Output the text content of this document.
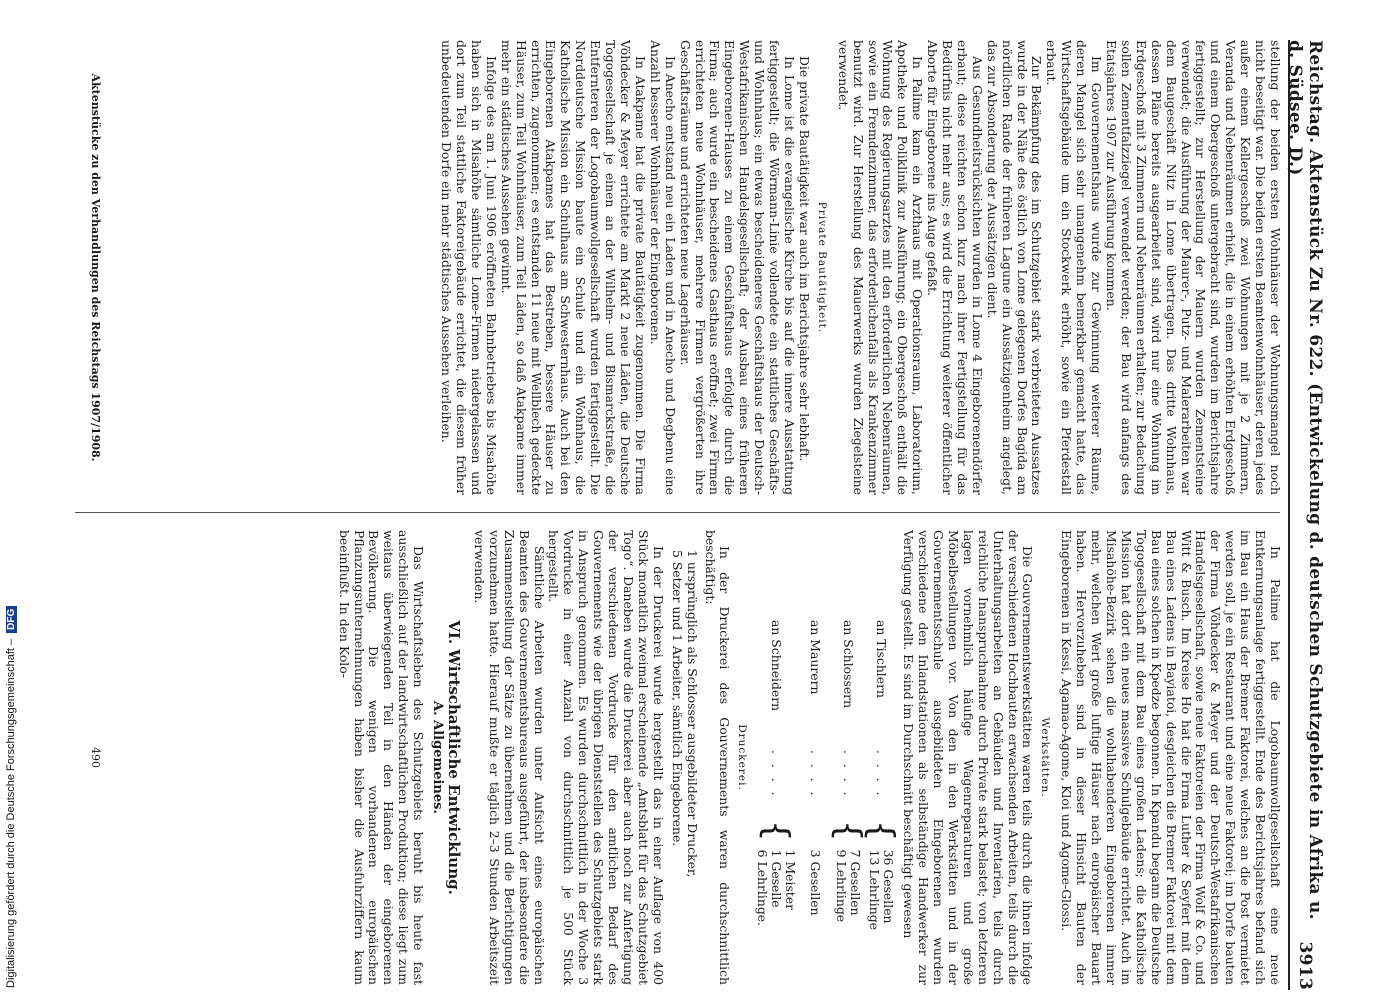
Reichstag. Aktenstück Zu Nr. 622. (Entwickelung d. deutschen Schutzgebiete in Afrika u. d. Südsee. D.)
3913

stellung der beiden ersten Wohnhäuser der Wohnungsmangel noch nicht beseitigt war. Die beiden ersten Beamtenwohnhäuser, deren jedes außer einem Kellergeschoß zwei Wohnungen mit je 2 Zimmern, Veranda und Nebenräumen erhielt, die in einem erhöhten Erdgeschoß und einem Obergeschoß untergebracht sind, wurden im Berichtsjahre fertiggestellt; zur Herstellung der Mauern wurden Zementsteine verwendet; die Ausführung der Maurer-, Putz- und Malerarbeiten war dem Baugeschäft Nitz in Lome übertragen. Das dritte Wohnhaus, dessen Pläne bereits ausgearbeitet sind, wird nur eine Wohnung im Erdgeschoß mit 3 Zimmern und Nebenräumen erhalten; zur Bedachung sollen Zementfalzziegel verwendet werden; der Bau wird anfangs des Etatsjahres 1907 zur Ausführung kommen.

Im Gouvernementshaus wurde zur Gewinnung weiterer Räume, deren Mangel sich sehr unangenehm bemerkbar gemacht hatte, das Wirtschaftsgebäude um ein Stockwerk erhöht, sowie ein Pferdestall erbaut.

Zur Bekämpfung des im Schutzgebiet stark verbreiteten Aussatzes wurde in der Nähe des östlich von Lome gelegenen Dorfes Bagida am nördlichen Rande der früheren Lagune ein Aussätzigenheim angelegt, das zur Absonderung der Aussätzigen dient.

Aus Gesundheitsrücksichten wurden in Lome 4 Eingeborenendörfer erbaut; diese reichten schon kurz nach ihrer Fertigstellung für das Bedürfnis nicht mehr aus; es wird die Errichtung weiterer öffentlicher Aborte für Eingeborene ins Auge gefaßt.

In Palime kam ein Arzthaus mit Operationsraum, Laboratorium, Apotheke und Poliklinik zur Ausführung; ein Obergeschoß enthält die Wohnung des Regierungsarztes mit den erforderlichen Nebenräumen, sowie ein Fremdenzimmer, das erforderlichenfalls als Krankenzimmer benutzt wird. Zur Herstellung des Mauerwerks wurden Ziegelsteine verwendet.

Private Bautätigkeit.

Die private Bautätigkeit war auch im Berichtsjahre sehr lebhaft.

In Lome ist die evangelische Kirche bis auf die innere Ausstattung fertiggestellt; die Wörmann-Linie vollendete ein stattliches Geschäfts- und Wohnhaus; ein etwas bescheideneres Geschäftshaus der Deutsch-Westafrikanischen Handelsgesellschaft; der Ausbau eines früheren Eingeborenen-Hauses zu einem Geschäftshaus erfolgte durch die Firma; auch wurde ein bescheidenes Gasthaus eröffnet; zwei Firmen errichteten neue Wohnhäuser, mehrere Firmen vergrößerten ihre Geschäftsräume und errichteten neue Lagerhäuser.

In Anecho entstand neu ein Laden und in Anecho und Degbenu eine Anzahl besserer Wohnhäuser der Eingeborenen.

In Atakpame hat die private Bautätigkeit zugenommen. Die Firma Vöhdecker & Meyer errichtete am Markt 2 neue Läden, die Deutsche Togogesellschaft je einen an der Wilhelm- und Bismarckstraße, die Entfernteren der Logobaumwollgesellschaft wurden fertiggestellt. Die Norddeutsche Mission baute ein Schule und ein Wohnhaus, die Katholische Mission ein Schulhaus am Schwesternhaus. Auch bei den Eingeborenen Atakpames hat das Bestreben, bessere Häuser zu errichten, zugenommen; es entstanden 11 neue mit Wellblech gedeckte Häuser, zum Teil Wohnhäuser, zum Teil Läden, so daß Atakpame immer mehr ein städtisches Aussehen gewinnt.

Infolge des am 1. Juni 1906 eröffneten Bahnbetriebes bis Misahöhe haben sich in Misahöhe sämtliche Lome-Firmen niedergelassen und dort zum Teil stattliche Faktoreigebäude errichtet, die diesem früher unbedeutenden Dorfe ein mehr städtisches Aussehen verleihen.

In Palime hat die Logobaumwollgesellschaft eine neue Entkernungsanlage fertiggestellt. Ende des Berichtsjahres befand sich im Bau ein Haus der Bremer Faktorei, welches an die Post vermietet werden soll, je ein Restaurant und eine neue Faktorei; im Dorfe bauten der Firma Vöhdecker & Meyer und der Deutsch-Westafrikanischen Handelsgesellschaft, sowie neue Faktoreien der Firma Wolf & Co. und Witt & Busch. Im Kreise Ho hat die Firma Luther & Seyfert mit dem Bau eines Ladens in Bayiatoi, desgleichen die Bremer Faktorei mit dem Bau eines solchen in Kpedze begonnen. In Kpandu begann die Deutsche Togogesellschaft mit dem Bau eines großen Ladens; die Katholische Mission hat dort ein neues massives Schulgebäude errichtet. Auch im Misahöhe-Bezirk sehen die wohlhabenderen Eingeborenen immer mehr, welchen Wert große luftige Häuser nach europäischer Bauart haben. Hervorzuheben sind in dieser Hinsicht Bauten der Eingeborenen in Kessi, Agamao-Agome, Kloi und Agome-Glossi.

Werkstätten.

Die Gouvernementswerkstätten waren teils durch die ihnen infolge der verschiedenen Hochbauten erwachsenden Arbeiten, teils durch die Unterhaltungsarbeiten an Gebäuden und Inventarien, teils durch reichliche Inanspruchnahme durch Private stark belastet; von letzteren lagen vornehmlich häufige Wagenreparaturen und große Möbelbestellungen vor. Von den in den Werkstätten und in der Gouvernementsschule ausgebildeten Eingeborenen wurden verschiedene den Inlandstationen als selbständige Handwerker zur Verfügung gestellt. Es sind im Durchschnitt beschäftigt gewesen

an Tischlern
. . . .
{
36 Gesellen
13 Lehrlinge
an Schlossern
. . . .
{
7 Gesellen
9 Lehrlinge
an Maurern
. . . .
3 Gesellen
an Schneidern
. . . .
{
1 Meister
1 Geselle
6 Lehrlinge.
Druckerei.

In der Druckerei des Gouvernements waren durchschnittlich beschäftigt:

1 ursprünglich als Schlosser ausgebildeter Drucker,
5 Setzer und 1 Arbeiter, sämtlich Eingeborene.

In der Druckerei wurde hergestellt das in einer Auflage von 400 Stück monatlich zweimal erscheinende „Amtsblatt für das Schutzgebiet Togo“. Daneben wurde die Druckerei aber auch noch zur Anfertigung der verschiedenen Vordrucke für den amtlichen Bedarf des Gouvernements wie der übrigen Dienststellen des Schutzgebiets stark in Anspruch genommen. Es wurden durchschnittlich in der Woche 3 Vordrucke in einer Anzahl von durchschnittlich je 500 Stück hergestellt.

Sämtliche Arbeiten wurden unter Aufsicht eines europäischen Beamten des Gouvernementsbureaus ausgeführt, der insbesondere die Zusammenstellung der Sätze zu übernehmen und die Berichtigungen vorzunehmen hatte. Hierauf mußte er täglich 2–3 Stunden Arbeitszeit verwenden.

VI. Wirtschaftliche Entwicklung.
A. Allgemeines.

Das Wirtschaftsleben des Schutzgebiets beruht bis heute fast ausschließlich auf der landwirtschaftlichen Produktion; diese liegt zum weitaus überwiegenden Teil in den Händen der eingeborenen Bevölkerung. Die wenigen vorhandenen europäischen Pflanzungsunternehmungen haben bisher die Ausfuhrziffern kaum beeinflußt. In den Kolo-

Aktenstücke zu den Verhandlungen des Reichstags 1907/1908.
490
Digitalisierung gefördert durch die Deutsche Forschungsgemeinschaft –
DFG
